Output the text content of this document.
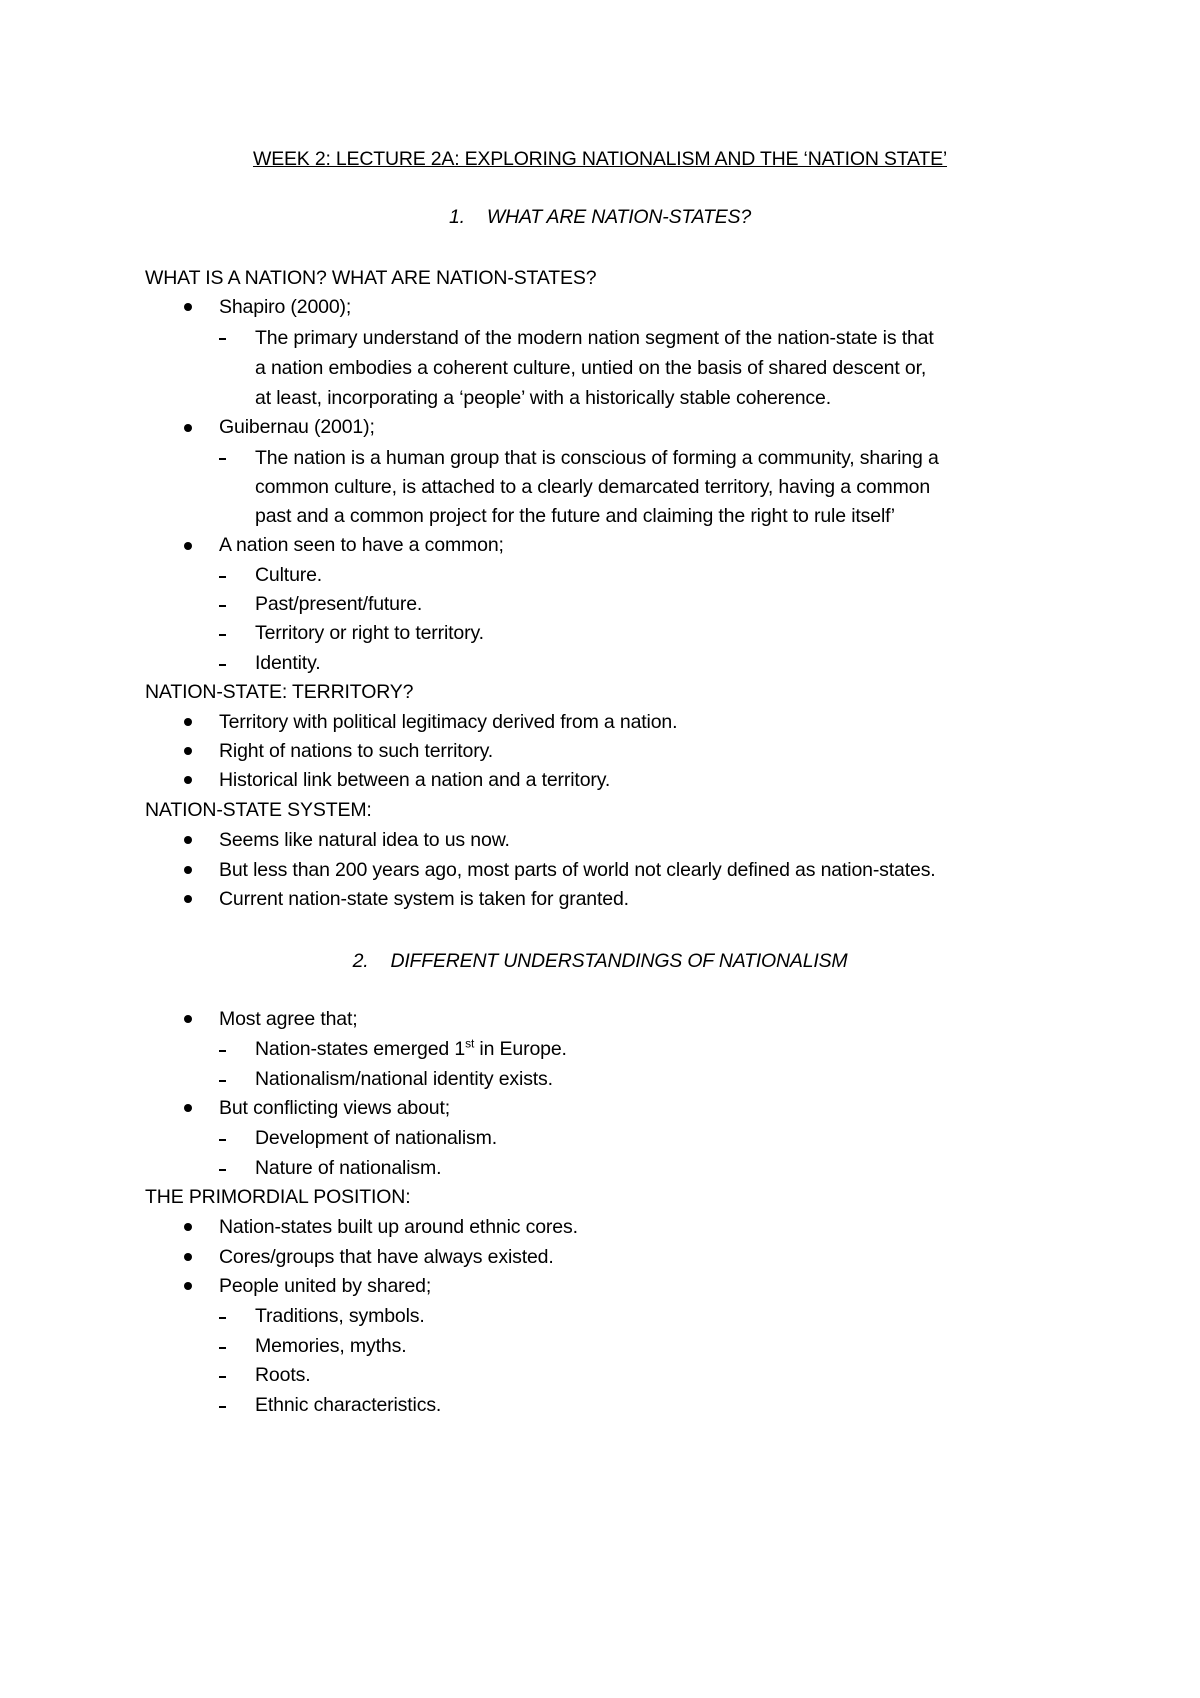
WEEK 2: LECTURE 2A: EXPLORING NATIONALISM AND THE ‘NATION STATE’
1. WHAT ARE NATION-STATES?
WHAT IS A NATION? WHAT ARE NATION-STATES?
Shapiro (2000);
The primary understand of the modern nation segment of the nation-state is that
a nation embodies a coherent culture, untied on the basis of shared descent or,
at least, incorporating a ‘people’ with a historically stable coherence.
Guibernau (2001);
The nation is a human group that is conscious of forming a community, sharing a
common culture, is attached to a clearly demarcated territory, having a common
past and a common project for the future and claiming the right to rule itself’
A nation seen to have a common;
Culture.
Past/present/future.
Territory or right to territory.
Identity.
NATION-STATE: TERRITORY?
Territory with political legitimacy derived from a nation.
Right of nations to such territory.
Historical link between a nation and a territory.
NATION-STATE SYSTEM:
Seems like natural idea to us now.
But less than 200 years ago, most parts of world not clearly defined as nation-states.
Current nation-state system is taken for granted.
2. DIFFERENT UNDERSTANDINGS OF NATIONALISM
Most agree that;
Nation-states emerged 1st in Europe.
Nationalism/national identity exists.
But conflicting views about;
Development of nationalism.
Nature of nationalism.
THE PRIMORDIAL POSITION:
Nation-states built up around ethnic cores.
Cores/groups that have always existed.
People united by shared;
Traditions, symbols.
Memories, myths.
Roots.
Ethnic characteristics.
